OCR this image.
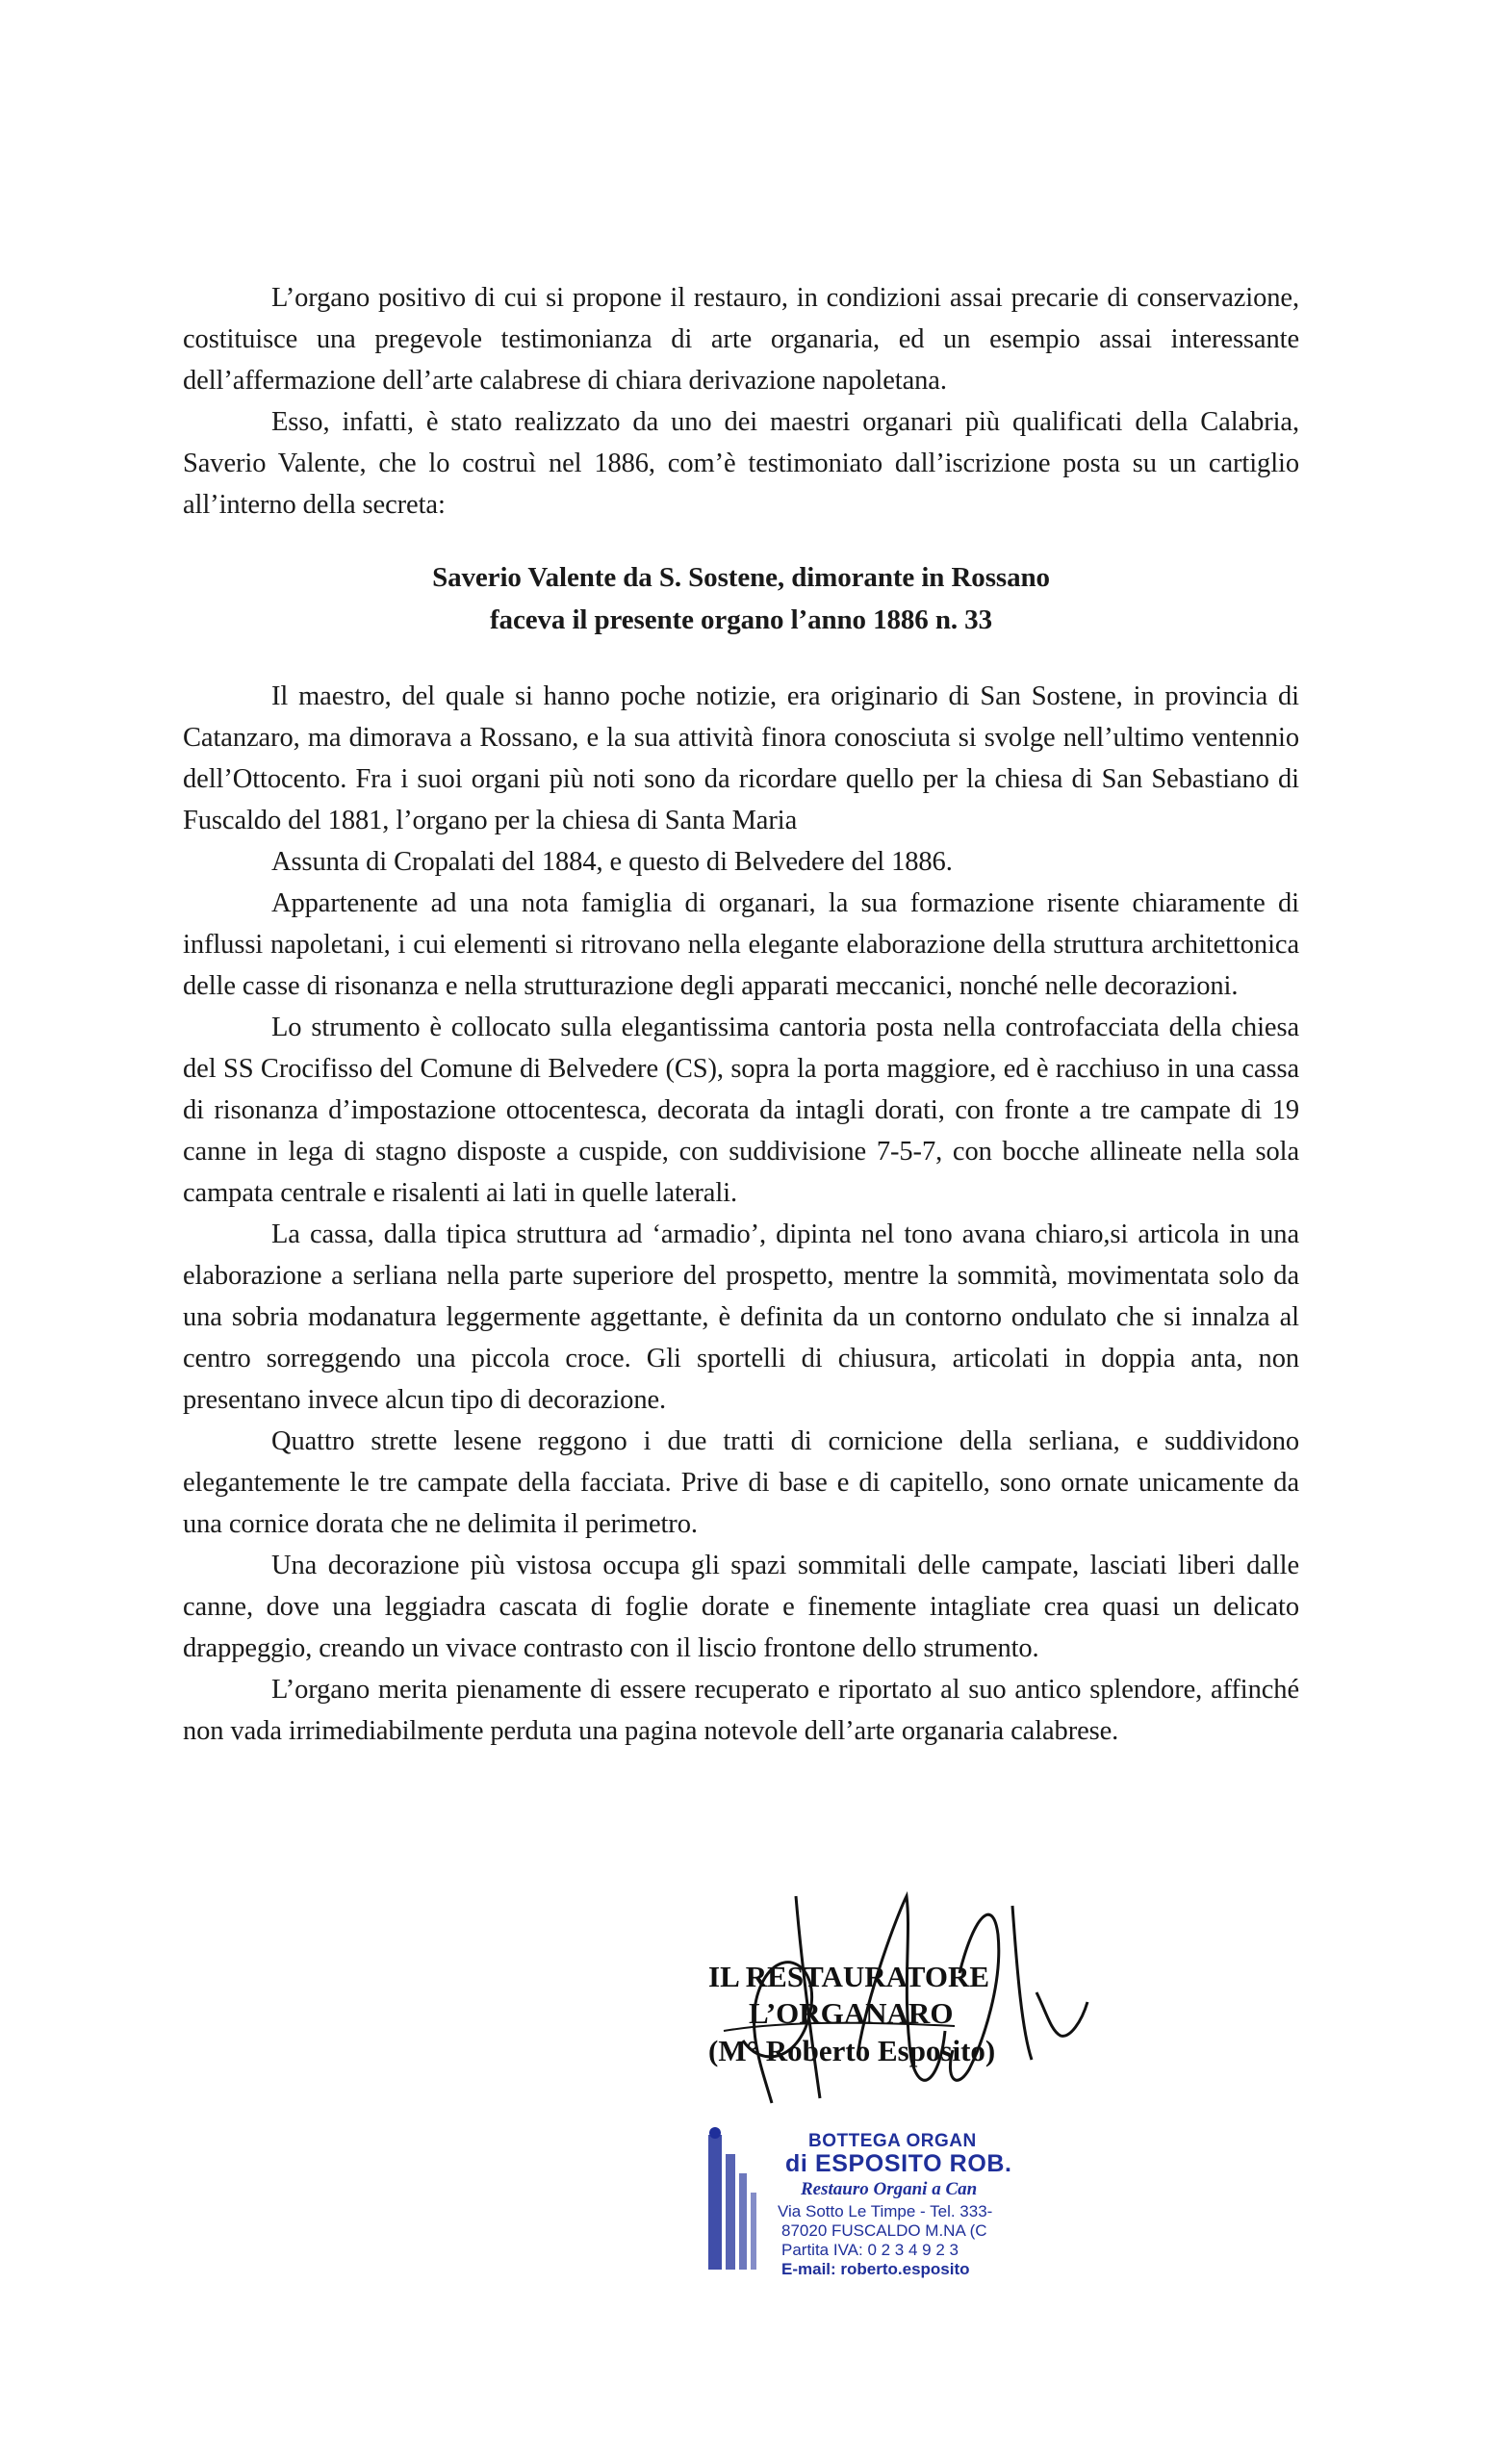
L’organo positivo di cui si propone il restauro, in condizioni assai precarie di conservazione, costituisce una pregevole testimonianza di arte organaria, ed un esempio assai interessante dell’affermazione dell’arte calabrese di chiara derivazione napoletana.

Esso, infatti, è stato realizzato da uno dei maestri organari più qualificati della Calabria, Saverio Valente, che lo costruì nel 1886, com’è testimoniato dall’iscrizione posta su un cartiglio all’interno della secreta:

Saverio Valente da S. Sostene, dimorante in Rossano
faceva il presente organo l’anno 1886 n. 33

Il maestro, del quale si hanno poche notizie, era originario di San Sostene, in provincia di Catanzaro, ma dimorava a Rossano, e la sua attività finora conosciuta si svolge nell’ultimo ventennio dell’Ottocento. Fra i suoi organi più noti sono da ricordare quello per la chiesa di San Sebastiano di Fuscaldo del 1881, l’organo per la chiesa di Santa Maria

Assunta di Cropalati del 1884, e questo di Belvedere del 1886.

Appartenente ad una nota famiglia di organari, la sua formazione risente chiaramente di influssi napoletani, i cui elementi si ritrovano nella elegante elaborazione della struttura architettonica delle casse di risonanza e nella strutturazione degli apparati meccanici, nonché nelle decorazioni.

Lo strumento è collocato sulla elegantissima cantoria posta nella controfacciata della chiesa del SS Crocifisso del Comune di Belvedere (CS), sopra la porta maggiore, ed è racchiuso in una cassa di risonanza d’impostazione ottocentesca, decorata da intagli dorati, con fronte a tre campate di 19 canne in lega di stagno disposte a cuspide, con suddivisione 7-5-7, con bocche allineate nella sola campata centrale e risalenti ai lati in quelle laterali.

La cassa, dalla tipica struttura ad ‘armadio’, dipinta nel tono avana chiaro,si articola in una elaborazione a serliana nella parte superiore del prospetto, mentre la sommità, movimentata solo da una sobria modanatura leggermente aggettante, è definita da un contorno ondulato che si innalza al centro sorreggendo una piccola croce. Gli sportelli di chiusura, articolati in doppia anta, non presentano invece alcun tipo di decorazione.

Quattro strette lesene reggono i due tratti di cornicione della serliana, e suddividono elegantemente le tre campate della facciata. Prive di base e di capitello, sono ornate unicamente da una cornice dorata che ne delimita il perimetro.

Una decorazione più vistosa occupa gli spazi sommitali delle campate, lasciati liberi dalle canne, dove una leggiadra cascata di foglie dorate e finemente intagliate crea quasi un delicato drappeggio, creando un vivace contrasto con il liscio frontone dello strumento.

L’organo merita pienamente di essere recuperato e riportato al suo antico splendore, affinché non vada irrimediabilmente perduta una pagina notevole dell’arte organaria calabrese.

IL RESTAURATORE
L’ORGANARO
(M° Roberto Esposito)
BOTTEGA ORGAN
di ESPOSITO ROB.
Restauro Organi a Can
Via Sotto Le Timpe - Tel. 333-
87020 FUSCALDO M.NA (C
Partita IVA: 0 2 3 4 9 2 3
E-mail: roberto.esposito
